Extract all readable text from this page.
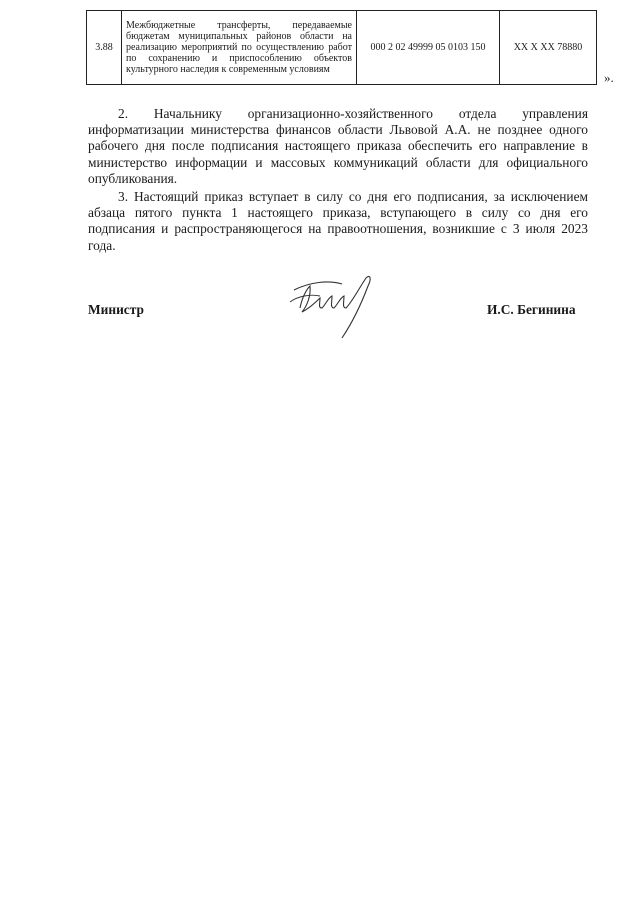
3.88	Межбюджетные трансферты, передаваемые бюджетам муниципальных районов области на реализацию мероприятий по осуществлению работ по сохранению и приспособлению объектов культурного наследия к современным условиям	000 2 02 49999 05 0103 150	XX X XX 78880
».

2. Начальнику организационно-хозяйственного отдела управления информатизации министерства финансов области Львовой А.А. не позднее одного рабочего дня после подписания настоящего приказа обеспечить его направление в министерство информации и массовых коммуникаций области для официального опубликования.

3. Настоящий приказ вступает в силу со дня его подписания, за исключением абзаца пятого пункта 1 настоящего приказа, вступающего в силу со дня его подписания и распространяющегося на правоотношения, возникшие с 3 июля 2023 года.

Министр	И.С. Бегинина
